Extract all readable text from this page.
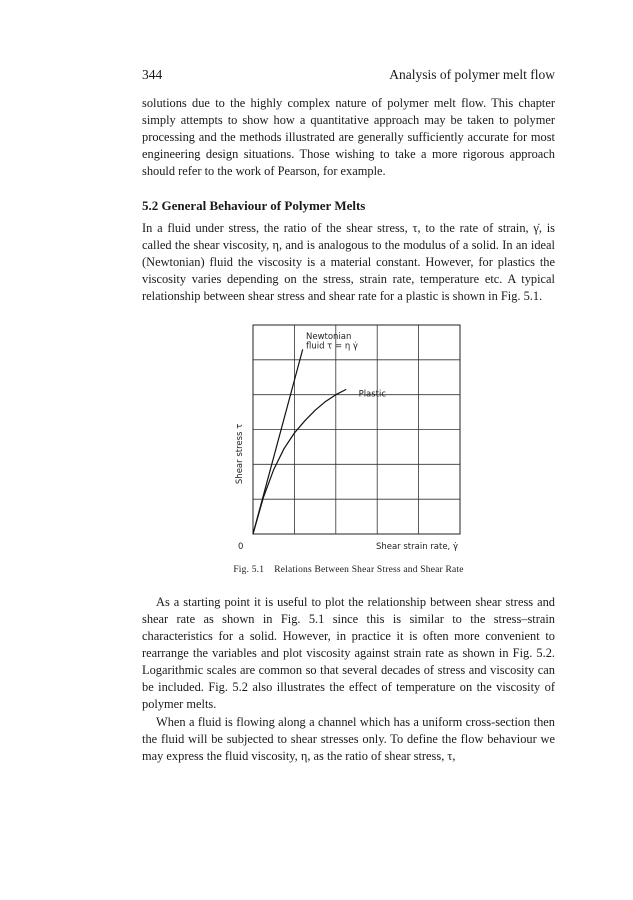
344	Analysis of polymer melt flow

solutions due to the highly complex nature of polymer melt flow. This chapter simply attempts to show how a quantitative approach may be taken to polymer processing and the methods illustrated are generally sufficiently accurate for most engineering design situations. Those wishing to take a more rigorous approach should refer to the work of Pearson, for example.

5.2 General Behaviour of Polymer Melts

In a fluid under stress, the ratio of the shear stress, τ, to the rate of strain, γ̇, is called the shear viscosity, η, and is analogous to the modulus of a solid. In an ideal (Newtonian) fluid the viscosity is a material constant. However, for plastics the viscosity varies depending on the stress, strain rate, temperature etc. A typical relationship between shear stress and shear rate for a plastic is shown in Fig. 5.1.

Shear stress τ
Shear strain rate, γ̇
0
Newtonian
fluid τ = η γ̇
Plastic
Fig. 5.1 Relations Between Shear Stress and Shear Rate

As a starting point it is useful to plot the relationship between shear stress and shear rate as shown in Fig. 5.1 since this is similar to the stress–strain characteristics for a solid. However, in practice it is often more convenient to rearrange the variables and plot viscosity against strain rate as shown in Fig. 5.2. Logarithmic scales are common so that several decades of stress and viscosity can be included. Fig. 5.2 also illustrates the effect of temperature on the viscosity of polymer melts.

When a fluid is flowing along a channel which has a uniform cross-section then the fluid will be subjected to shear stresses only. To define the flow behaviour we may express the fluid viscosity, η, as the ratio of shear stress, τ,
